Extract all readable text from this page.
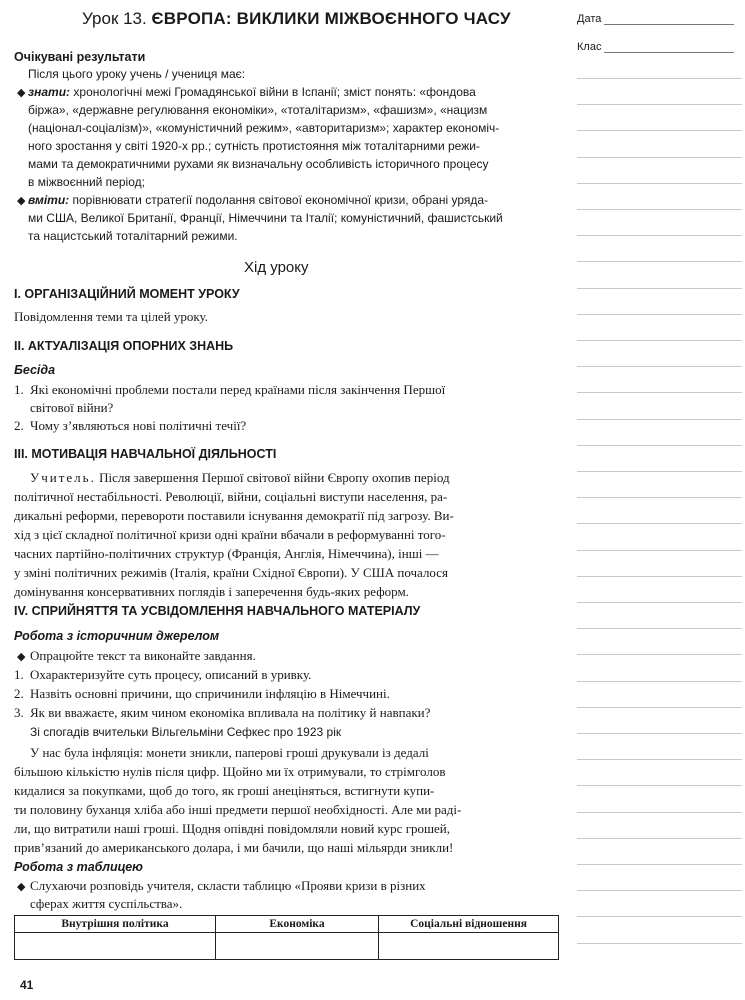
Урок 13. ЄВРОПА: ВИКЛИКИ МІЖВОЄННОГО ЧАСУ
Очікувані результати
Після цього уроку учень / учениця має:
◆ знати: хронологічні межі Громадянської війни в Іспанії; зміст понять: «фондова
біржа», «державне регулювання економіки», «тоталітаризм», «фашизм», «нацизм
(націонал-соціалізм)», «комуністичний режим», «авторитаризм»; характер економіч-
ного зростання у світі 1920-х рр.; сутність протистояння між тоталітарними режи-
мами та демократичними рухами як визначальну особливість історичного процесу
в міжвоєнний період;
◆ вміти: порівнювати стратегії подолання світової економічної кризи, обрані уряда-
ми США, Великої Британії, Франції, Німеччини та Італії; комуністичний, фашистський
та нацистський тоталітарний режими.
Хід уроку
І. ОРГАНІЗАЦІЙНИЙ МОМЕНТ УРОКУ
Повідомлення теми та цілей уроку.
ІІ. АКТУАЛІЗАЦІЯ ОПОРНИХ ЗНАНЬ
Бесіда
1. Які економічні проблеми постали перед країнами після закінчення Першої
світової війни?
2. Чому з’являються нові політичні течії?
ІІІ. МОТИВАЦІЯ НАВЧАЛЬНОЇ ДІЯЛЬНОСТІ
Учитель. Після завершення Першої світової війни Європу охопив період
політичної нестабільності. Революції, війни, соціальні виступи населення, ра-
дикальні реформи, перевороти поставили існування демократії під загрозу. Ви-
хід з цієї складної політичної кризи одні країни вбачали в реформуванні того-
часних партійно-політичних структур (Франція, Англія, Німеччина), інші —
у зміні політичних режимів (Італія, країни Східної Європи). У США почалося
домінування консервативних поглядів і заперечення будь-яких реформ.
IV. СПРИЙНЯТТЯ ТА УСВІДОМЛЕННЯ НАВЧАЛЬНОГО МАТЕРІАЛУ
Робота з історичним джерелом
◆ Опрацюйте текст та виконайте завдання.
1. Охарактеризуйте суть процесу, описаний в уривку.
2. Назвіть основні причини, що спричинили інфляцію в Німеччині.
3. Як ви вважаєте, яким чином економіка впливала на політику й навпаки?
Зі спогадів вчительки Вільгельміни Сефкес про 1923 рік
У нас була інфляція: монети зникли, паперові гроші друкували із дедалі
більшою кількістю нулів після цифр. Щойно ми їх отримували, то стрімголов
кидалися за покупками, щоб до того, як гроші анеціняться, встигнути купи-
ти половину буханця хліба або інші предмети першої необхідності. Але ми раді-
ли, що витратили наші гроші. Щодня опівдні повідомляли новий курс грошей,
прив’язаний до американського долара, і ми бачили, що наші мільярди зникли!
Робота з таблицею
◆ Слухаючи розповідь учителя, скласти таблицю «Прояви кризи в різних
сферах життя суспільства».
Внутрішня політика	Економіка	Соціальні відношення

41
Дата
Клас
